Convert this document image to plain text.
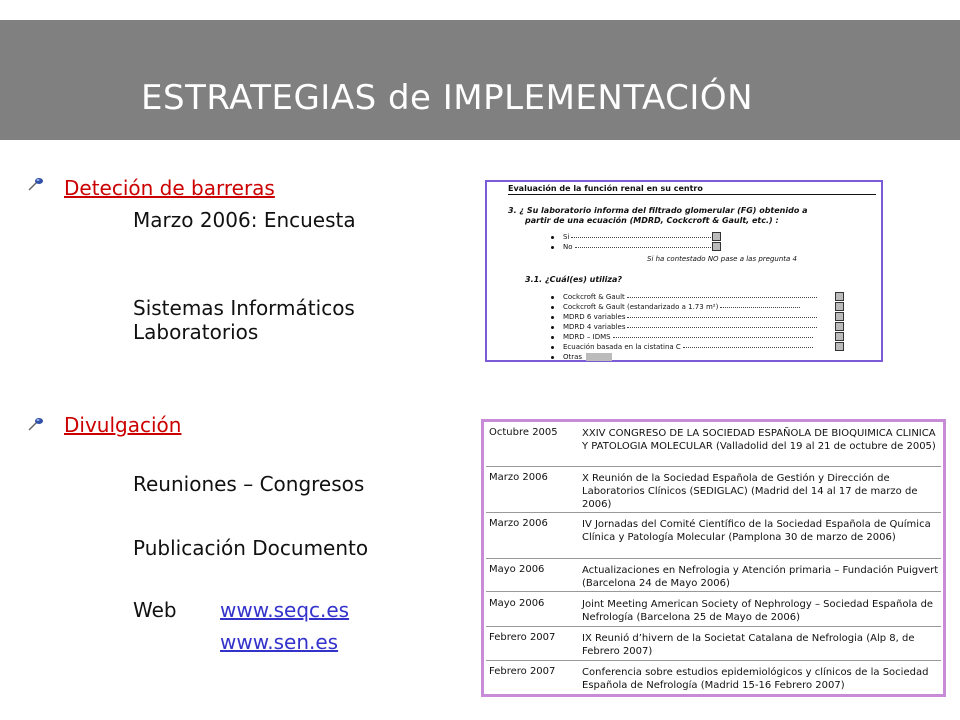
ESTRATEGIAS de IMPLEMENTACIÓN
Deteción de barreras
Marzo 2006: Encuesta
Sistemas Informáticos
Laboratorios
Divulgación
Reuniones – Congresos
Publicación Documento
Web www.seqc.es
www.sen.es
Evaluación de la función renal en su centro
3. ¿ Su laboratorio informa del filtrado glomerular (FG) obtenido a
partir de una ecuación (MDRD, Cockcroft & Gault, etc.) :
Si
No
Si ha contestado NO pase a las pregunta 4
3.1. ¿Cuál(es) utiliza?
Cockcroft & Gault
Cockcroft & Gault (estandarizado a 1.73 m²)
MDRD 6 variables
MDRD 4 variables
MDRD – IDMS
Ecuación basada en la cistatina C
Otras
Octubre 2005	XXIV CONGRESO DE LA SOCIEDAD ESPAÑOLA DE BIOQUIMICA CLINICA Y PATOLOGIA MOLECULAR (Valladolid del 19 al 21 de octubre de 2005)
Marzo 2006	X Reunión de la Sociedad Española de Gestión y Dirección de Laboratorios Clínicos (SEDIGLAC) (Madrid del 14 al 17 de marzo de 2006)
Marzo 2006	IV Jornadas del Comité Científico de la Sociedad Española de Química Clínica y Patología Molecular (Pamplona 30 de marzo de 2006)
Mayo 2006	Actualizaciones en Nefrologia y Atención primaria – Fundación Puigvert (Barcelona 24 de Mayo 2006)
Mayo 2006	Joint Meeting American Society of Nephrology – Sociedad Española de Nefrología (Barcelona 25 de Mayo de 2006)
Febrero 2007	IX Reunió d’hivern de la Societat Catalana de Nefrologia (Alp 8, de Febrero 2007)
Febrero 2007	Conferencia sobre estudios epidemiológicos y clínicos de la Sociedad Española de Nefrología (Madrid 15-16 Febrero 2007)
